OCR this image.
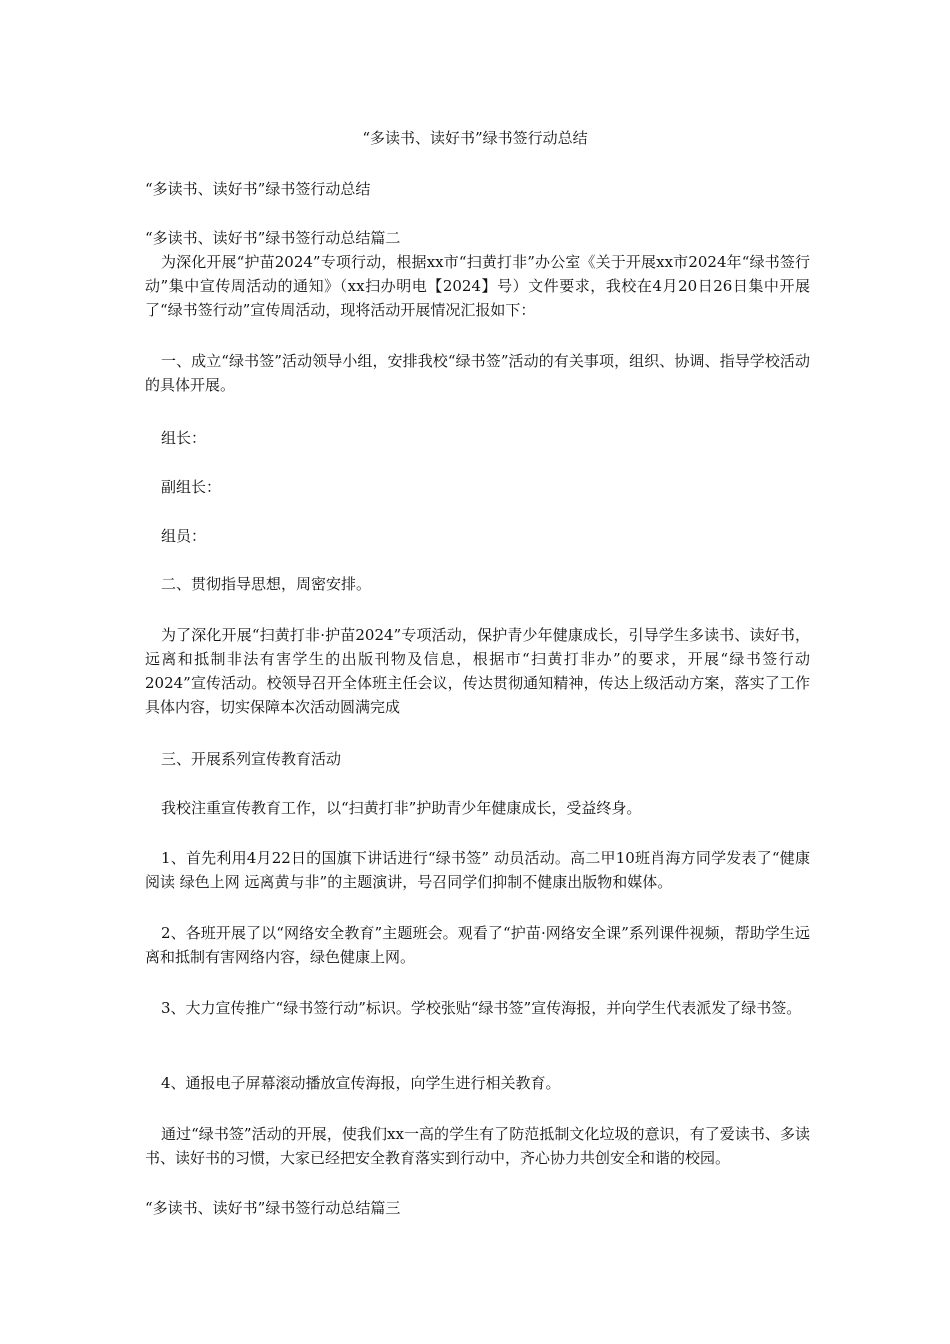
“多读书、读好书”绿书签行动总结
“多读书、读好书”绿书签行动总结
“多读书、读好书”绿书签行动总结篇二
为深化开展“护苗2024”专项行动，根据xx市“扫黄打非”办公室《关于开展xx市2024年“绿书签行动”集中宣传周活动的通知》（xx扫办明电【2024】号）文件要求，我校在4月20日26日集中开展了“绿书签行动”宣传周活动，现将活动开展情况汇报如下：
一、成立“绿书签”活动领导小组，安排我校“绿书签”活动的有关事项，组织、协调、指导学校活动的具体开展。
组长：
副组长：
组员：
二、贯彻指导思想，周密安排。
为了深化开展“扫黄打非·护苗2024”专项活动，保护青少年健康成长，引导学生多读书、读好书，远离和抵制非法有害学生的出版刊物及信息，根据市“扫黄打非办”的要求，开展“绿书签行动 2024”宣传活动。校领导召开全体班主任会议，传达贯彻通知精神，传达上级活动方案，落实了工作具体内容，切实保障本次活动圆满完成
三、开展系列宣传教育活动
我校注重宣传教育工作，以“扫黄打非”护助青少年健康成长，受益终身。
1、首先利用4月22日的国旗下讲话进行“绿书签” 动员活动。高二甲10班肖海方同学发表了“健康阅读 绿色上网 远离黄与非”的主题演讲，号召同学们抑制不健康出版物和媒体。
2、各班开展了以“网络安全教育”主题班会。观看了“护苗·网络安全课”系列课件视频，帮助学生远离和抵制有害网络内容，绿色健康上网。
3、大力宣传推广“绿书签行动”标识。学校张贴“绿书签”宣传海报，并向学生代表派发了绿书签。
4、通报电子屏幕滚动播放宣传海报，向学生进行相关教育。
通过“绿书签”活动的开展，使我们xx一高的学生有了防范抵制文化垃圾的意识，有了爱读书、多读书、读好书的习惯，大家已经把安全教育落实到行动中，齐心协力共创安全和谐的校园。
“多读书、读好书”绿书签行动总结篇三
